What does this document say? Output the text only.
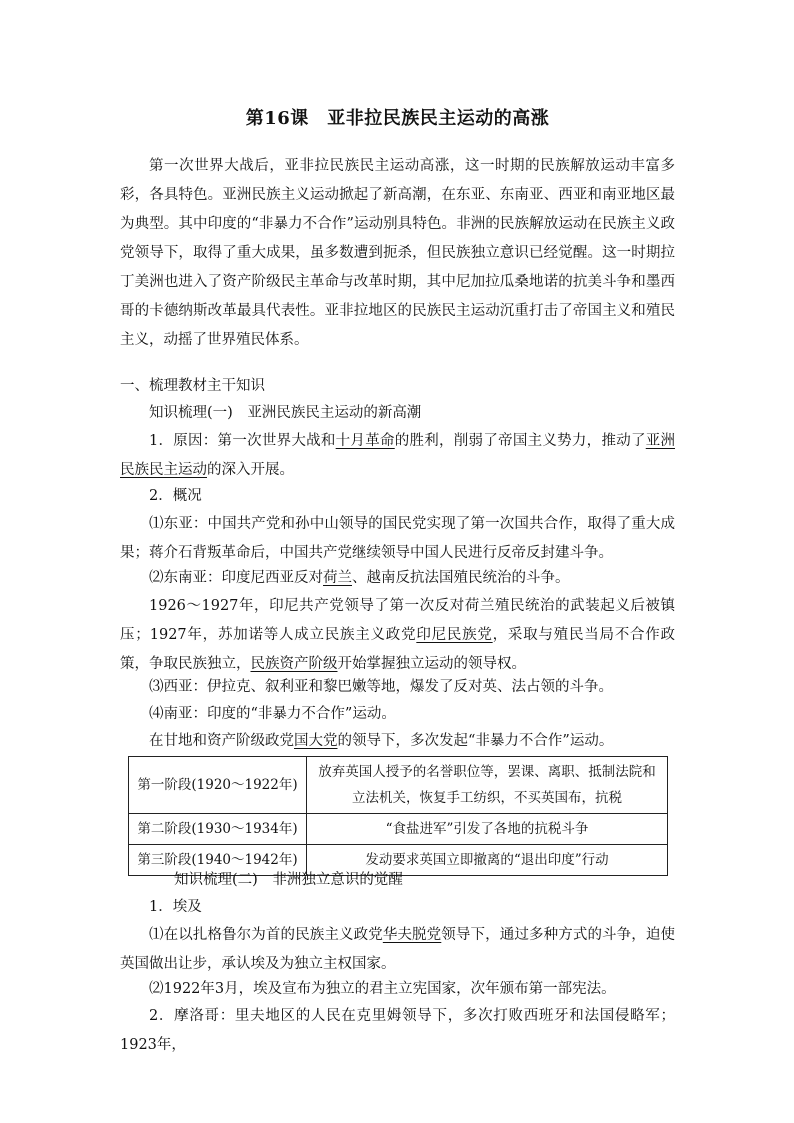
第16课　亚非拉民族民主运动的高涨
第一次世界大战后，亚非拉民族民主运动高涨，这一时期的民族解放运动丰富多彩，各具特色。亚洲民族主义运动掀起了新高潮，在东亚、东南亚、西亚和南亚地区最为典型。其中印度的“非暴力不合作”运动别具特色。非洲的民族解放运动在民族主义政党领导下，取得了重大成果，虽多数遭到扼杀，但民族独立意识已经觉醒。这一时期拉丁美洲也进入了资产阶级民主革命与改革时期，其中尼加拉瓜桑地诺的抗美斗争和墨西哥的卡德纳斯改革最具代表性。亚非拉地区的民族民主运动沉重打击了帝国主义和殖民主义，动摇了世界殖民体系。
一、梳理教材主干知识
知识梳理(一)　亚洲民族民主运动的新高潮
1．原因：第一次世界大战和十月革命的胜利，削弱了帝国主义势力，推动了亚洲民族民主运动的深入开展。
2．概况
⑴东亚：中国共产党和孙中山领导的国民党实现了第一次国共合作，取得了重大成果；蒋介石背叛革命后，中国共产党继续领导中国人民进行反帝反封建斗争。
⑵东南亚：印度尼西亚反对荷兰、越南反抗法国殖民统治的斗争。
1926～1927年，印尼共产党领导了第一次反对荷兰殖民统治的武装起义后被镇压；1927年，苏加诺等人成立民族主义政党印尼民族党，采取与殖民当局不合作政策，争取民族独立，民族资产阶级开始掌握独立运动的领导权。
⑶西亚：伊拉克、叙利亚和黎巴嫩等地，爆发了反对英、法占领的斗争。
⑷南亚：印度的“非暴力不合作”运动。
在甘地和资产阶级政党国大党的领导下，多次发起“非暴力不合作”运动。
第一阶段(1920～1922年)	放弃英国人授予的名誉职位等，罢课、离职、抵制法院和立法机关，恢复手工纺织，不买英国布，抗税
第二阶段(1930～1934年)	“食盐进军”引发了各地的抗税斗争
第三阶段(1940～1942年)	发动要求英国立即撤离的“退出印度”行动
知识梳理(二)　非洲独立意识的觉醒
1．埃及
⑴在以扎格鲁尔为首的民族主义政党华夫脱党领导下，通过多种方式的斗争，迫使英国做出让步，承认埃及为独立主权国家。
⑵1922年3月，埃及宣布为独立的君主立宪国家，次年颁布第一部宪法。
2．摩洛哥：里夫地区的人民在克里姆领导下，多次打败西班牙和法国侵略军；1923年，
